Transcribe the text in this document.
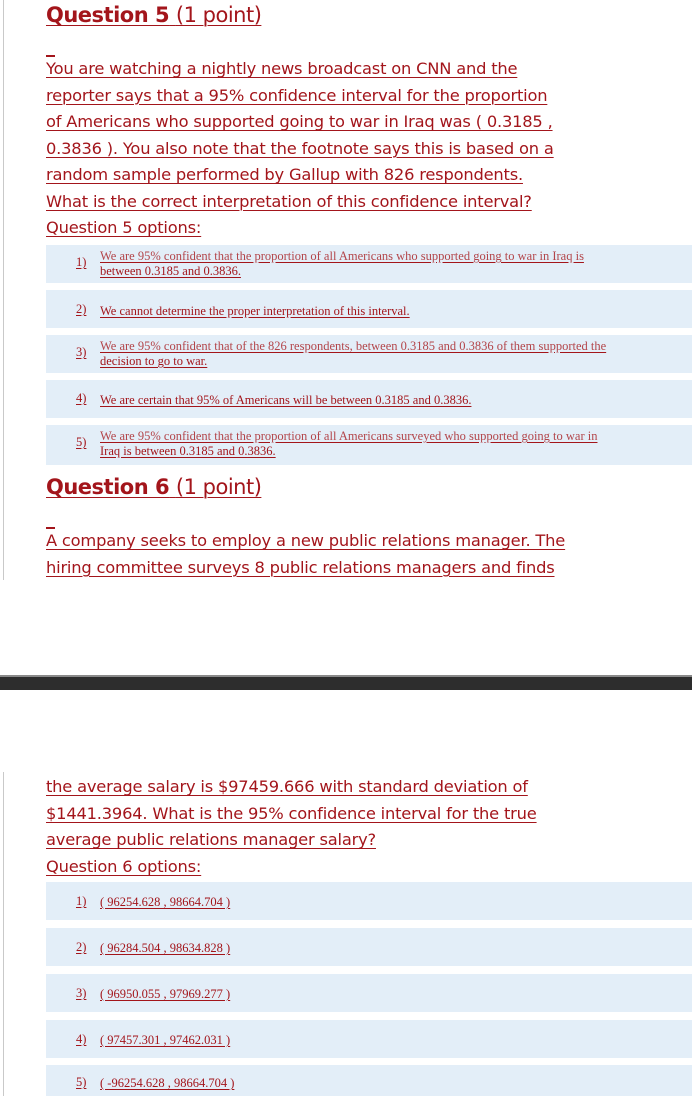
Question 5 (1 point)
You are watching a nightly news broadcast on CNN and the
reporter says that a 95% confidence interval for the proportion
of Americans who supported going to war in Iraq was ( 0.3185 ,
0.3836 ). You also note that the footnote says this is based on a
random sample performed by Gallup with 826 respondents.
What is the correct interpretation of this confidence interval?
Question 5 options:
1) We are 95% confident that the proportion of all Americans who supported going to war in Iraq is
between 0.3185 and 0.3836.
2) We cannot determine the proper interpretation of this interval.
3) We are 95% confident that of the 826 respondents, between 0.3185 and 0.3836 of them supported the
decision to go to war.
4) We are certain that 95% of Americans will be between 0.3185 and 0.3836.
5) We are 95% confident that the proportion of all Americans surveyed who supported going to war in
Iraq is between 0.3185 and 0.3836.
Question 6 (1 point)
A company seeks to employ a new public relations manager. The
hiring committee surveys 8 public relations managers and finds
the average salary is $97459.666 with standard deviation of
$1441.3964. What is the 95% confidence interval for the true
average public relations manager salary?
Question 6 options:
1) ( 96254.628 , 98664.704 )
2) ( 96284.504 , 98634.828 )
3) ( 96950.055 , 97969.277 )
4) ( 97457.301 , 97462.031 )
5) ( -96254.628 , 98664.704 )
